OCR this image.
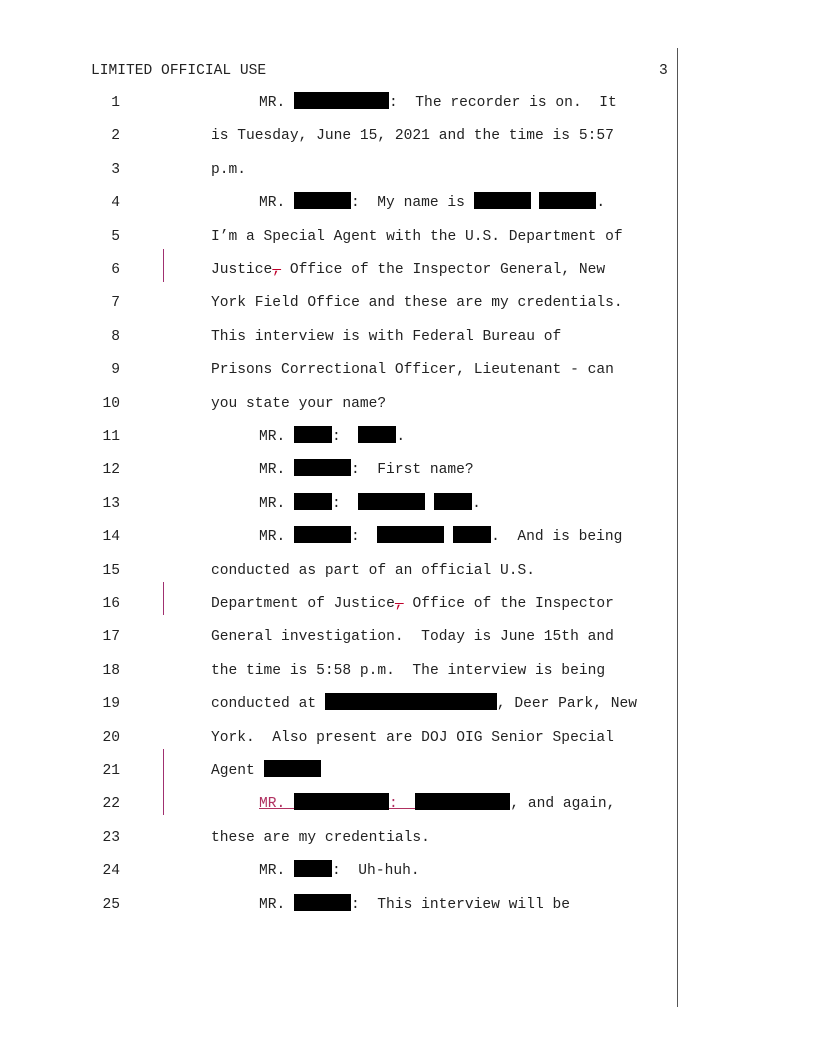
LIMITED OFFICIAL USE	3
1	MR.	:  The recorder is on.  It
2	is Tuesday, June 15, 2021 and the time is 5:57
3	p.m.
4	MR.	:  My name is	.
5	I’m a Special Agent with the U.S. Department of
6	Justice, Office of the Inspector General, New
7	York Field Office and these are my credentials.
8	This interview is with Federal Bureau of
9	Prisons Correctional Officer, Lieutenant - can
10	you state your name?
11	MR.	:	.
12	MR.	:  First name?
13	MR.	:	.
14	MR.	:	.  And is being
15	conducted as part of an official U.S.
16	Department of Justice, Office of the Inspector
17	General investigation.  Today is June 15th and
18	the time is 5:58 p.m.  The interview is being
19	conducted at	, Deer Park, New
20	York.  Also present are DOJ OIG Senior Special
21	Agent
22	MR.	:	, and again,
23	these are my credentials.
24	MR.	:  Uh-huh.
25	MR.	:  This interview will be
